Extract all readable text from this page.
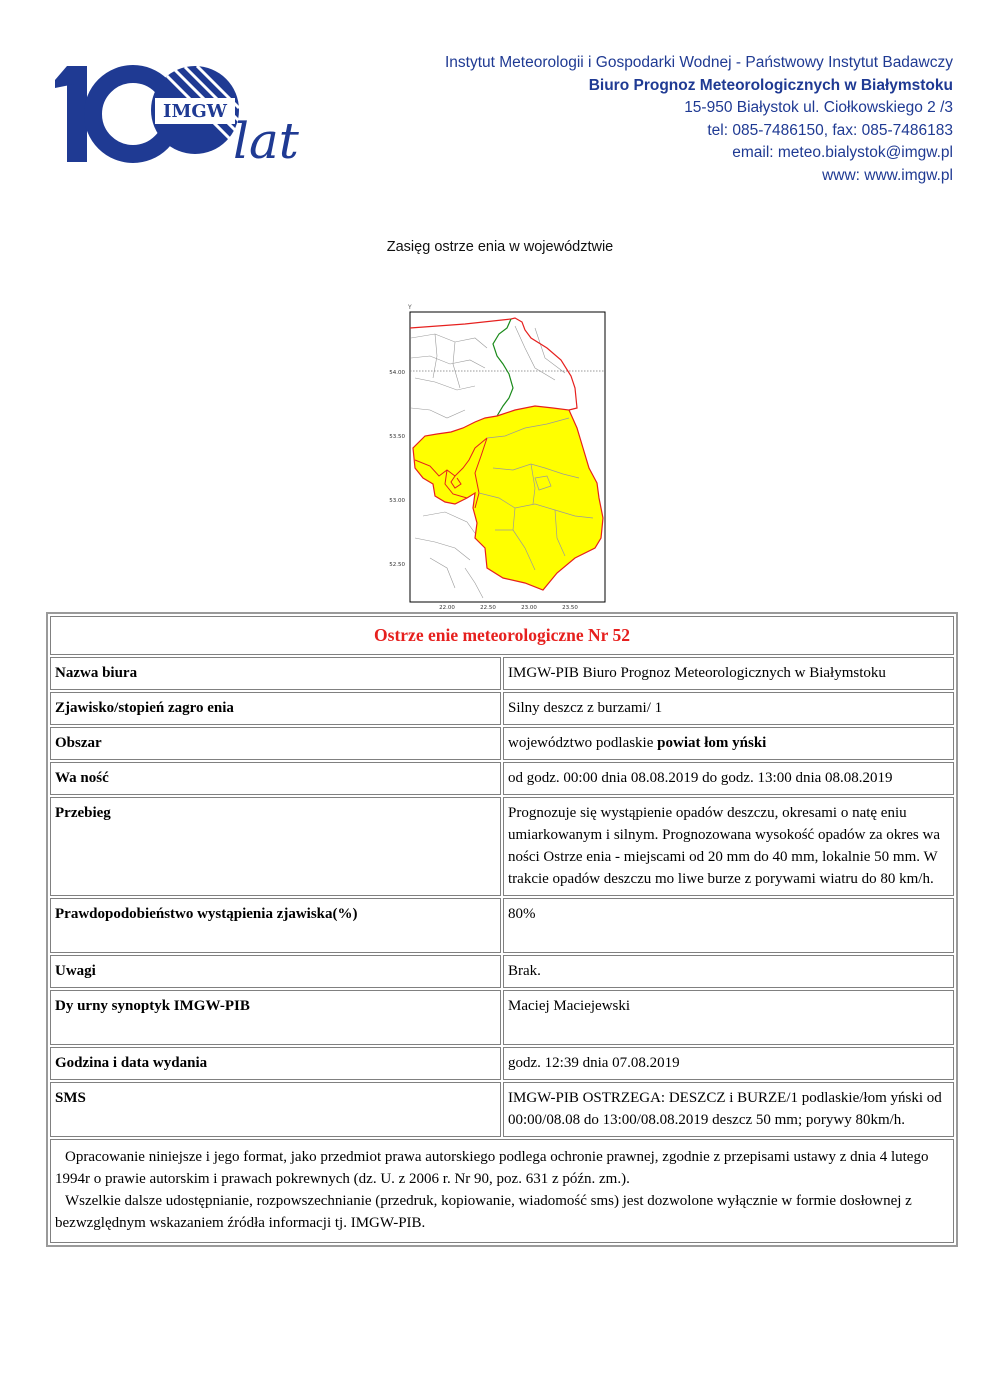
IMGW
lat
10	Instytut Meteorologii i Gospodarki Wodnej - Państwowy Instytut Badawczy
Biuro Prognoz Meteorologicznych w Białymstoku
15-950 Białystok ul. Ciołkowskiego 2 /3
tel: 085-7486150, fax: 085-7486183
email: meteo.bialystok@imgw.pl
www: www.imgw.pl
Zasięg ostrze enia w województwie
Y
54.00
53.50
53.00
52.50
22.00	22.50	23.00	23.50
Ostrze enie meteorologiczne Nr 52	
Nazwa biura	IMGW-PIB Biuro Prognoz Meteorologicznych w Białymstoku
Zjawisko/stopień zagro enia	Silny deszcz z burzami/ 1
Obszar	województwo podlaskie powiat łom yński
Wa ność	od godz. 00:00 dnia 08.08.2019 do godz. 13:00 dnia 08.08.2019
Przebieg	Prognozuje się wystąpienie opadów deszczu, okresami o natę eniu umiarkowanym i silnym. Prognozowana wysokość opadów za okres wa ności Ostrze enia - miejscami od 20 mm do 40 mm, lokalnie 50 mm. W trakcie opadów deszczu mo liwe burze z porywami wiatru do 80 km/h.
Prawdopodobieństwo wystąpienia zjawiska(%)	80%
Uwagi	Brak.
Dy urny synoptyk IMGW-PIB	Maciej Maciejewski
Godzina i data wydania	godz. 12:39 dnia 07.08.2019
SMS	IMGW-PIB OSTRZEGA: DESZCZ i BURZE/1 podlaskie/łom yński od 00:00/08.08 do 13:00/08.08.2019 deszcz 50 mm; porywy 80km/h.

Opracowanie niniejsze i jego format, jako przedmiot prawa autorskiego podlega ochronie prawnej, zgodnie z przepisami ustawy z dnia 4 lutego 1994r o prawie autorskim i prawach pokrewnych (dz. U. z 2006 r. Nr 90, poz. 631 z późn. zm.).
Wszelkie dalsze udostępnianie, rozpowszechnianie (przedruk, kopiowanie, wiadomość sms) jest dozwolone wyłącznie w formie dosłownej z bezwzględnym wskazaniem źródła informacji tj. IMGW-PIB.	
